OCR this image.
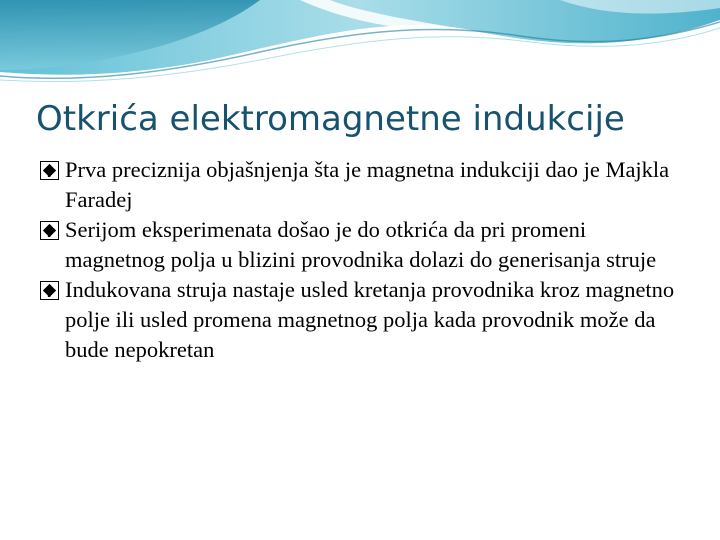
Otkrića elektromagnetne indukcije
?
Prva preciznija objašnjenja šta je magnetna indukciji dao je Majkla Faradej
?
Serijom eksperimenata došao je do otkrića da pri promeni magnetnog polja u blizini provodnika dolazi do generisanja struje
?
Indukovana struja nastaje usled kretanja provodnika kroz magnetno polje ili usled promena magnetnog polja kada provodnik može da bude nepokretan
